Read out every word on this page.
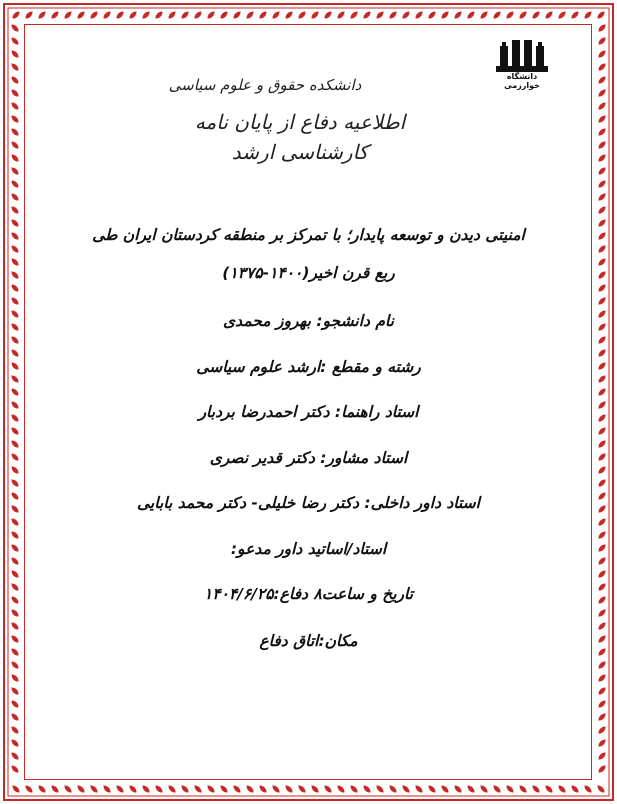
دانشگاه خوارزمی
دانشکده حقوق و علوم سیاسی
اطلاعیه دفاع از پایان نامه
کارشناسی ارشد
امنیتی دیدن و توسعه پایدار؛ با تمرکز بر منطقه کردستان ایران طی
ربع قرن اخیر(۱۴۰۰-۱۳۷۵)
نام دانشجو: بهروز محمدی
رشته و مقطع :ارشد علوم سیاسی
استاد راهنما: دکتر احمدرضا بردبار
استاد مشاور: دکتر قدیر نصری
استاد داور داخلی: دکتر رضا خلیلی- دکتر محمد بابایی
استاد/اساتید داور مدعو:
تاریخ و ساعت۸ دفاع:۱۴۰۴/۶/۲۵
مکان:اتاق دفاع
